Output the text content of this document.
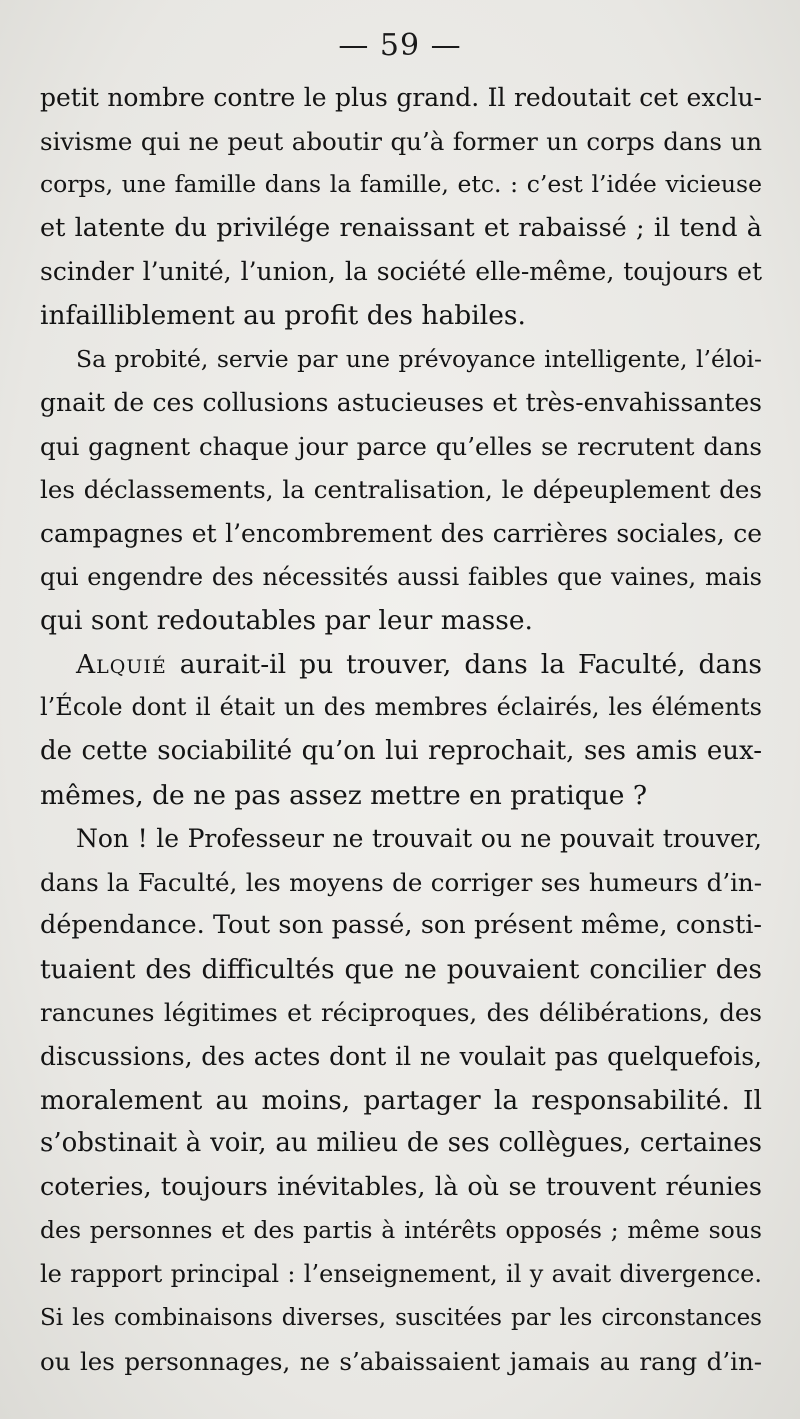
— 59 —
petit nombre contre le plus grand. Il redoutait cet exclu-
sivisme qui ne peut aboutir qu’à former un corps dans un
corps, une famille dans la famille, etc. : c’est l’idée vicieuse
et latente du privilége renaissant et rabaissé ; il tend à
scinder l’unité, l’union, la société elle-même, toujours et
infailliblement au profit des habiles.
Sa probité, servie par une prévoyance intelligente, l’éloi-
gnait de ces collusions astucieuses et très-envahissantes
qui gagnent chaque jour parce qu’elles se recrutent dans
les déclassements, la centralisation, le dépeuplement des
campagnes et l’encombrement des carrières sociales, ce
qui engendre des nécessités aussi faibles que vaines, mais
qui sont redoutables par leur masse.
Alquié aurait-il pu trouver, dans la Faculté, dans
l’École dont il était un des membres éclairés, les éléments
de cette sociabilité qu’on lui reprochait, ses amis eux-
mêmes, de ne pas assez mettre en pratique ?
Non ! le Professeur ne trouvait ou ne pouvait trouver,
dans la Faculté, les moyens de corriger ses humeurs d’in-
dépendance. Tout son passé, son présent même, consti-
tuaient des difficultés que ne pouvaient concilier des
rancunes légitimes et réciproques, des délibérations, des
discussions, des actes dont il ne voulait pas quelquefois,
moralement au moins, partager la responsabilité. Il
s’obstinait à voir, au milieu de ses collègues, certaines
coteries, toujours inévitables, là où se trouvent réunies
des personnes et des partis à intérêts opposés ; même sous
le rapport principal : l’enseignement, il y avait divergence.
Si les combinaisons diverses, suscitées par les circonstances
ou les personnages, ne s’abaissaient jamais au rang d’in-
